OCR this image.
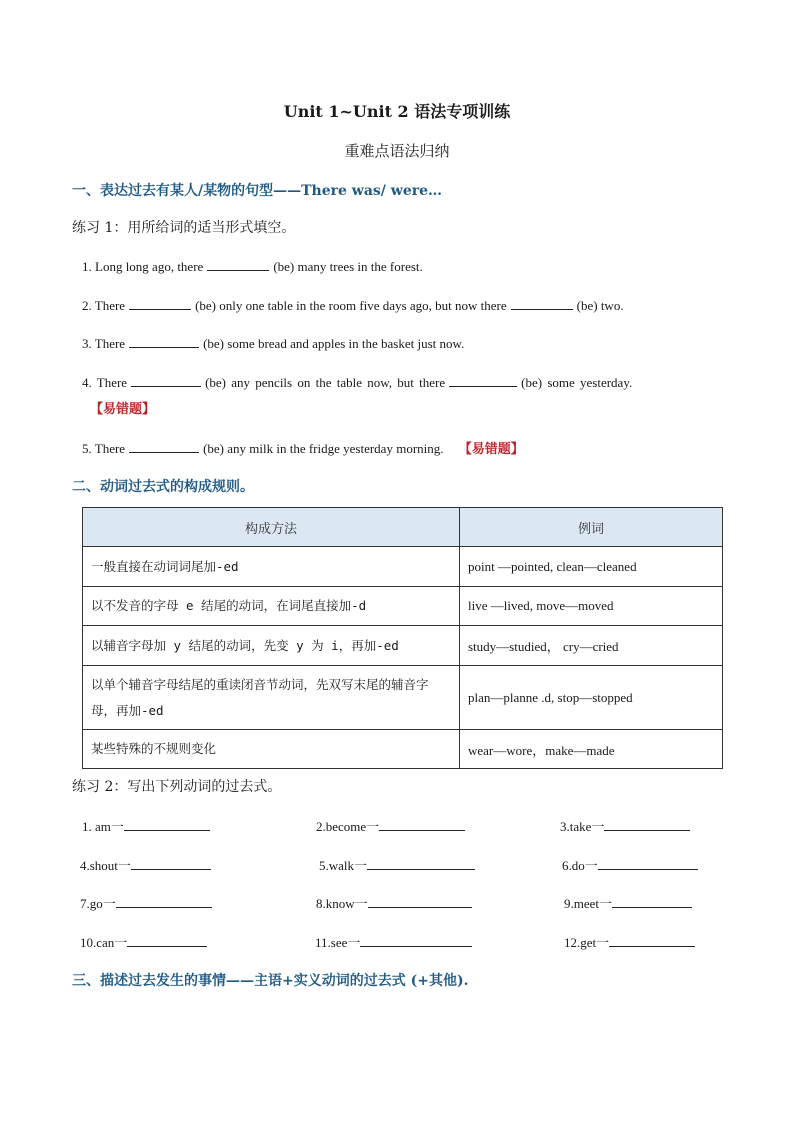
Unit 1~Unit 2 语法专项训练
重难点语法归纳
一、表达过去有某人/某物的句型——There was/ were…
练习 1：用所给词的适当形式填空。
1. Long long ago, there	(be) many trees in the forest.
2. There	(be) only one table in the room five days ago, but now there	(be) two.
3. There	(be) some bread and apples in the basket just now.
4. There	(be) any pencils on the table now, but there	(be) some yesterday.
【易错题】
5. There	(be) any milk in the fridge yesterday morning. 【易错题】
二、动词过去式的构成规则。
构成方法	例词
一般直接在动词词尾加-ed	point —pointed, clean—cleaned
以不发音的字母 e 结尾的动词，在词尾直接加-d	live —lived, move—moved
以辅音字母加 y 结尾的动词，先变 y 为 i，再加-ed	study—studied， cry—cried
以单个辅音字母结尾的重读闭音节动词，先双写末尾的辅音字母，再加-ed	plan—planne .d, stop—stopped
某些特殊的不规则变化	wear—wore，make—made
练习 2：写出下列动词的过去式。
1. am一	2.become一	3.take一
4.shout一	5.walk一	6.do一
7.go一	8.know一	9.meet一
10.can一	11.see一	12.get一
三、描述过去发生的事情——主语+实义动词的过去式 (+其他).
